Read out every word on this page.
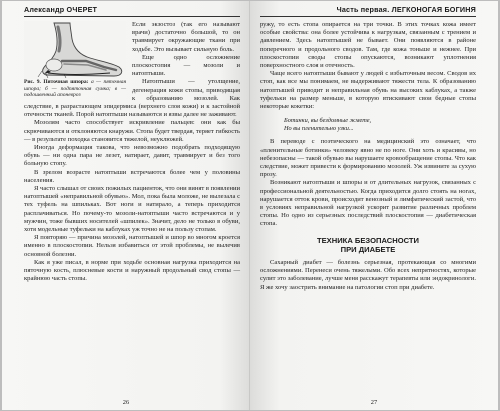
Александр ОЧЕРЕТ
Рис. 9. Пяточная шпора: а — пяточная шпора; б — подпяточная сумка; в — подошвенный апоневроз

Если экзостоз (так его называют врачи) достаточно большой, то он травмирует окружающие ткани при ходьбе. Это вызывает сильную боль.

Еще одно осложнение плоскостопия — мозоли и натоптыши.

Натоптыши — утолщение, дегенерация кожи стопы, приводящая к образованию мозолей. Как следствие, в разрастающем эпидермиса (верхнего слоя кожи) и к застойной отечности тканей. Порой натоптыши называются и язвы далее не заживают.

Мозолям часто способствует искривление пальцев: они как бы скрючиваются и отклоняются кнаружи. Стопа будет твердая, теряет гибкость — в результате походка становится тяжелой, неуклюжей.

Иногда деформация такова, что невозможно подобрать подходящую обувь — ни одна пара не лезет, натирает, давит, травмирует и без того больную стопу.

В зрелом возрасте натоптыши встречаются более чем у половины населения.

Я часто слышал от своих пожилых пациенток, что они винят в появлении натоптышей «неправильной обувью». Мол, пока была моложе, не вылезала с тех туфель на шпильках. Вот ноги и натирало, а теперь приходится расплачиваться. Но почему-то мозоли-натоптыши часто встречаются и у мужчин, тоже бывших носителей «шпилек». Значит, дело не только в обуви, хотя модельные туфельки на каблуках уж точно не на пользу стопам.

Я повторяю — причина мозолей, натоптышей и шпор во многом кроется именно в плоскостопии. Нельзя избавиться от этой проблемы, не вылечив основной болезни.

Как я уже писал, в норме при ходьбе основная нагрузка приходится на пяточную кость, плюсневые кости и наружный продольный свод стопы — крайнюю часть стопы.

26
Часть первая. ЛЕГКОНОГАЯ БОГИНЯ

ружу, то есть стопа опирается на три точки. В этих точках кожа имеет особые свойства: она более устойчива к нагрузкам, связанным с трением и давлением. Здесь натоптышей не бывает. Они появляются в районе поперечного и продольного сводов. Там, где кожа тоньше и нежнее. При плоскостопии своды стопы опускаются, возникают уплотнения поверхностного слоя и отечность.

Чаще всего натоптыши бывают у людей с избыточным весом. Сводов их стоп, как все мы понимаем, не выдерживают тяжести тела. К образованию натоптышей приводит и неправильная обувь на высоких каблуках, а также туфельки на размер меньше, в которую втискивают свои бедные стопы некоторые кокетки:

Ботинки, вы бездомные жмете,
Но вы пленительно узки...

В переводе с поэтического на медицинский это означает, что «пленительные ботинки» человеку явно не по ноге. Они хоть и красивы, но небезопасны — такой обувью вы нарушаете кровообращение стопы. Что как следствие, может привести к формированию мозолей. Уж извините за сухую прозу.

Возникают натоптыши и шпоры и от длительных нагрузок, связанных с профессиональной деятельностью. Когда приходится долго стоять на ногах, нарушается отток крови, происходит венозный и лимфатический застой, что в условиях неправильной нагрузкой ускорит развитие различных проблем стопы. Но одно из серьезных последствий плоскостопия — диабетическая стопа.

ТЕХНИКА БЕЗОПАСНОСТИ
ПРИ ДИАБЕТЕ

Сахарный диабет — болезнь серьезная, протекающая со многими осложнениями. Перенеси очень тяжелыми. Обо всех непрятностях, которые сулит это заболевание, лучше меня расскажут терапевты или эндокринологи. Я же хочу заострить внимание на патологии стоп при диабете.

27
